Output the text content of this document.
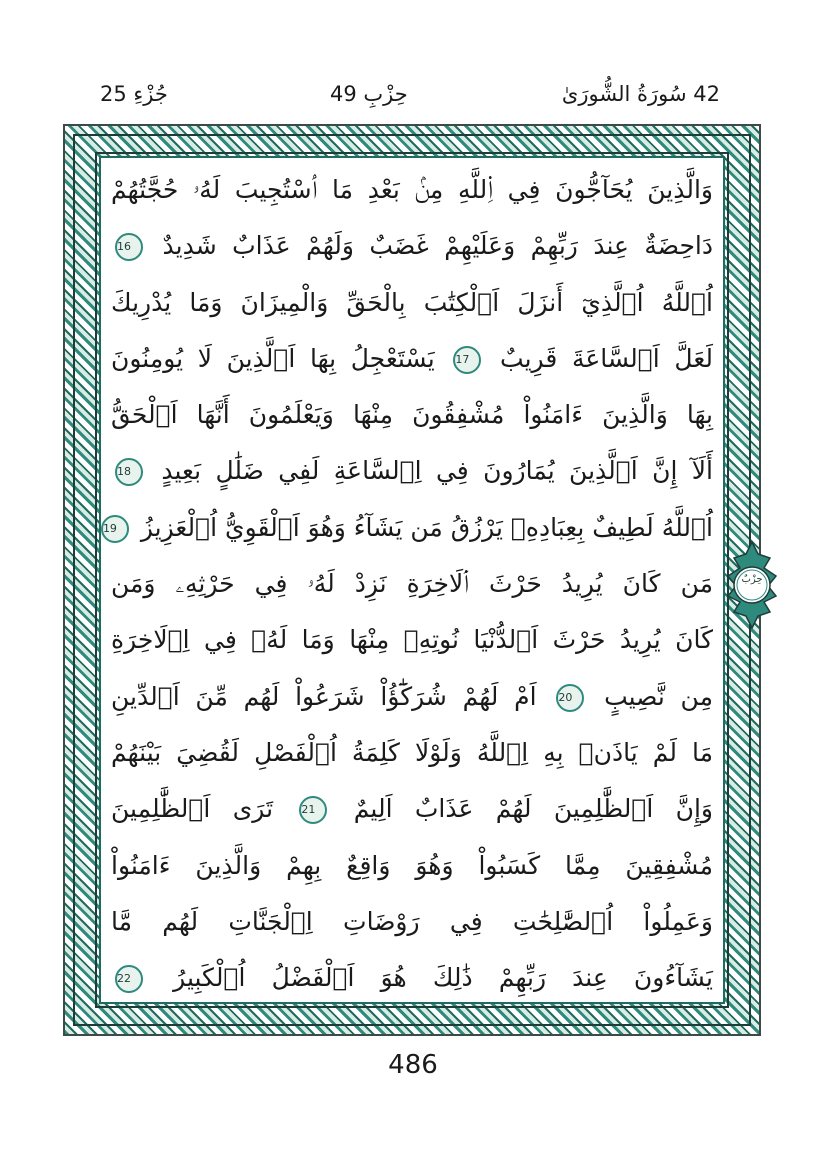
جُزْءِ 25	حِزْبِ 49	42 سُورَةُ الشُّورَىٰ
وَالَّذِينَ يُحَآجُّونَ فِي اِ۬للَّهِ مِنۢ بَعْدِ مَا اَ۟سْتُجِيبَ لَهُۥ حُجَّتُهُمْ
دَاحِضَةٌ عِندَ رَبِّهِمْ وَعَلَيْهِمْ غَضَبٌ وَلَهُمْ عَذَابٌ شَدِيدٌ 16
اُ۬للَّهُ اُ۬لَّذِيٓ أَنزَلَ اَ۬لْكِتَٰبَ بِالْحَقِّ وَالْمِيزَانَ وَمَا يُدْرِيكَ
لَعَلَّ اَ۬لسَّاعَةَ قَرِيبٌ 17 يَسْتَعْجِلُ بِهَا اَ۬لَّذِينَ لَا يُومِنُونَ
بِهَا وَالَّذِينَ ءَامَنُواْ مُشْفِقُونَ مِنْهَا وَيَعْلَمُونَ أَنَّهَا اَ۬لْحَقُّ
أَلَآ إِنَّ اَ۬لَّذِينَ يُمَارُونَ فِي اِ۬لسَّاعَةِ لَفِي ضَلَٰلٍ بَعِيدٍ 18
اُ۬للَّهُ لَطِيفٌ بِعِبَادِهِۦ يَرْزُقُ مَن يَشَآءُ وَهُوَ اَ۬لْقَوِيُّ اُ۬لْعَزِيزُ 19
مَن كَانَ يُرِيدُ حَرْثَ اَ۬لَاخِرَةِ نَزِدْ لَهُۥ فِي حَرْثِهِۦ وَمَن
كَانَ يُرِيدُ حَرْثَ اَ۬لدُّنْيَا نُوتِهِۦ مِنْهَا وَمَا لَهُۥ فِي اِ۬لَاخِرَةِ
مِن نَّصِيبٍ 20 اَمْ لَهُمْ شُرَكَٰٓؤُاْ شَرَعُواْ لَهُم مِّنَ اَ۬لدِّينِ
مَا لَمْ يَاذَنۢ بِهِ اِ۬للَّهُ وَلَوْلَا كَلِمَةُ اُ۬لْفَصْلِ لَقُضِيَ بَيْنَهُمْ
وَإِنَّ اَ۬لظَّٰلِمِينَ لَهُمْ عَذَابٌ اَلِيمٌ 21 تَرَى اَ۬لظَّٰلِمِينَ
مُشْفِقِينَ مِمَّا كَسَبُواْ وَهُوَ وَاقِعٌ بِهِمْ وَالَّذِينَ ءَامَنُواْ
وَعَمِلُواْ اُ۬لصَّٰلِحَٰتِ فِي رَوْضَاتِ اِ۬لْجَنَّاتِ لَهُم مَّا
يَشَآءُونَ عِندَ رَبِّهِمْ ذَٰلِكَ هُوَ اَ۬لْفَضْلُ اُ۬لْكَبِيرُ 22
حِزْبٌ
486
